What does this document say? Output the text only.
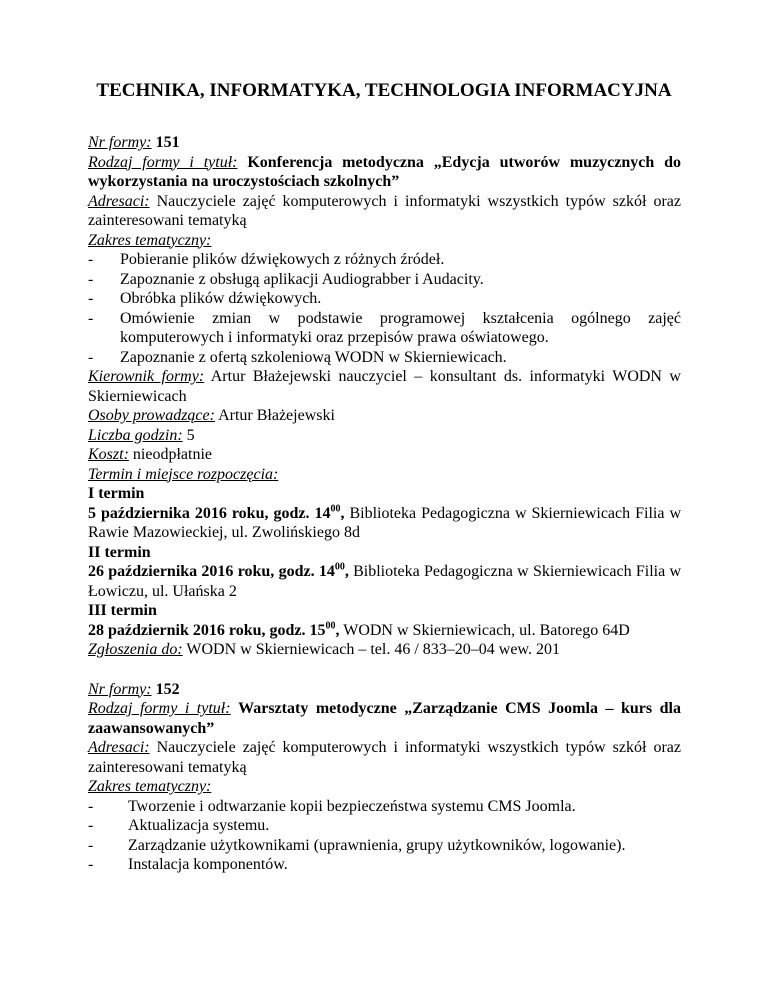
TECHNIKA, INFORMATYKA, TECHNOLOGIA INFORMACYJNA
Nr formy: 151
Rodzaj formy i tytuł: Konferencja metodyczna „Edycja utworów muzycznych do wykorzystania na uroczystościach szkolnych”
Adresaci: Nauczyciele zajęć komputerowych i informatyki wszystkich typów szkół oraz zainteresowani tematyką
Zakres tematyczny:
- Pobieranie plików dźwiękowych z różnych źródeł.
- Zapoznanie z obsługą aplikacji Audiograbber i Audacity.
- Obróbka plików dźwiękowych.
- Omówienie zmian w podstawie programowej kształcenia ogólnego zajęć komputerowych i informatyki oraz przepisów prawa oświatowego.
- Zapoznanie z ofertą szkoleniową WODN w Skierniewicach.
Kierownik formy: Artur Błażejewski nauczyciel – konsultant ds. informatyki WODN w Skierniewicach
Osoby prowadzące: Artur Błażejewski
Liczba godzin: 5
Koszt: nieodpłatnie
Termin i miejsce rozpoczęcia:
I termin
5 października 2016 roku, godz. $14^{00}$, Biblioteka Pedagogiczna w Skierniewicach Filia w Rawie Mazowieckiej, ul. Zwolińskiego 8d
II termin
26 października 2016 roku, godz. $14^{00}$, Biblioteka Pedagogiczna w Skierniewicach Filia w Łowiczu, ul. Ułańska 2
III termin
28 październik 2016 roku, godz. $15^{00}$, WODN w Skierniewicach, ul. Batorego 64D
Zgłoszenia do: WODN w Skierniewicach – tel. 46 / 833–20–04 wew. 201
Nr formy: 152
Rodzaj formy i tytuł: Warsztaty metodyczne „Zarządzanie CMS Joomla – kurs dla zaawansowanych”
Adresaci: Nauczyciele zajęć komputerowych i informatyki wszystkich typów szkół oraz zainteresowani tematyką
Zakres tematyczny:
- Tworzenie i odtwarzanie kopii bezpieczeństwa systemu CMS Joomla.
- Aktualizacja systemu.
- Zarządzanie użytkownikami (uprawnienia, grupy użytkowników, logowanie).
- Instalacja komponentów.
